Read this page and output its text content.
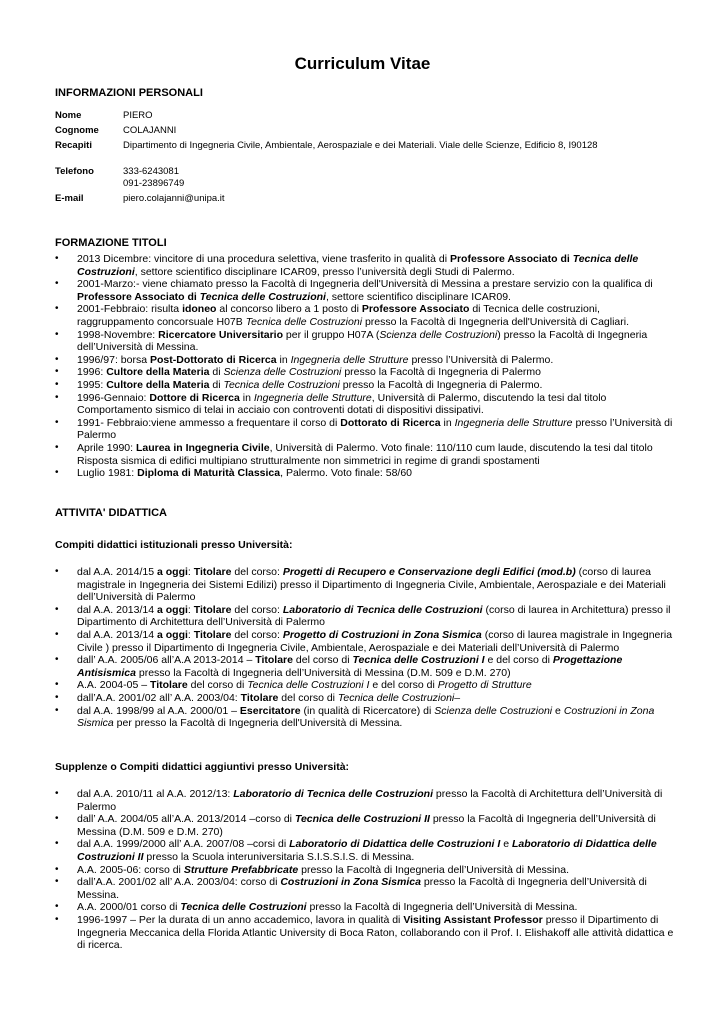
Curriculum Vitae
INFORMAZIONI PERSONALI
Nome	PIERO
Cognome	COLAJANNI
Recapiti	Dipartimento di Ingegneria Civile, Ambientale, Aerospaziale e dei Materiali. Viale delle Scienze, Edificio 8, I90128
Telefono	333-6243081
091-23896749
E-mail	piero.colajanni@unipa.it
FORMAZIONE TITOLI
• 2013 Dicembre: vincitore di una procedura selettiva, viene trasferito in qualità di Professore Associato di Tecnica delle Costruzioni, settore scientifico disciplinare ICAR09, presso l’università degli Studi di Palermo.
• 2001-Marzo:- viene chiamato presso la Facoltà di Ingegneria dell'Università di Messina a prestare servizio con la qualifica di Professore Associato di Tecnica delle Costruzioni, settore scientifico disciplinare ICAR09.
• 2001-Febbraio: risulta idoneo al concorso libero a 1 posto di Professore Associato di Tecnica delle costruzioni, raggruppamento concorsuale H07B Tecnica delle Costruzioni presso la Facoltà di Ingegneria dell'Università di Cagliari.
• 1998-Novembre: Ricercatore Universitario per il gruppo H07A (Scienza delle Costruzioni) presso la Facoltà di Ingegneria dell’Università di Messina.
• 1996/97: borsa Post-Dottorato di Ricerca in Ingegneria delle Strutture presso l’Università di Palermo.
• 1996: Cultore della Materia di Scienza delle Costruzioni presso la Facoltà di Ingegneria di Palermo
• 1995: Cultore della Materia di Tecnica delle Costruzioni presso la Facoltà di Ingegneria di Palermo.
• 1996-Gennaio: Dottore di Ricerca in Ingegneria delle Strutture, Università di Palermo, discutendo la tesi dal titolo Comportamento sismico di telai in acciaio con controventi dotati di dispositivi dissipativi.
• 1991- Febbraio:viene ammesso a frequentare il corso di Dottorato di Ricerca in Ingegneria delle Strutture presso l’Università di Palermo
• Aprile 1990: Laurea in Ingegneria Civile, Università di Palermo. Voto finale: 110/110 cum laude, discutendo la tesi dal titolo Risposta sismica di edifici multipiano strutturalmente non simmetrici in regime di grandi spostamenti
• Luglio 1981: Diploma di Maturità Classica, Palermo. Voto finale: 58/60
ATTIVITA' DIDATTICA
Compiti didattici istituzionali presso Università:
• dal A.A. 2014/15 a oggi: Titolare del corso: Progetti di Recupero e Conservazione degli Edifici (mod.b) (corso di laurea magistrale in Ingegneria dei Sistemi Edilizi) presso il Dipartimento di Ingegneria Civile, Ambientale, Aerospaziale e dei Materiali dell’Università di Palermo
• dal A.A. 2013/14 a oggi: Titolare del corso: Laboratorio di Tecnica delle Costruzioni (corso di laurea in Architettura) presso il Dipartimento di Architettura dell’Università di Palermo
• dal A.A. 2013/14 a oggi: Titolare del corso: Progetto di Costruzioni in Zona Sismica (corso di laurea magistrale in Ingegneria Civile ) presso il Dipartimento di Ingegneria Civile, Ambientale, Aerospaziale e dei Materiali dell’Università di Palermo
• dall’ A.A. 2005/06 all’A.A 2013-2014 – Titolare del corso di Tecnica delle Costruzioni I e del corso di Progettazione Antisismica presso la Facoltà di Ingegneria dell’Università di Messina (D.M. 509 e D.M. 270)
• A.A. 2004-05 – Titolare del corso di Tecnica delle Costruzioni I e del corso di Progetto di Strutture
• dall’A.A. 2001/02 all’ A.A. 2003/04: Titolare del corso di Tecnica delle Costruzioni–
• dal A.A. 1998/99 al A.A. 2000/01 – Esercitatore (in qualità di Ricercatore) di Scienza delle Costruzioni e Costruzioni in Zona Sismica per presso la Facoltà di Ingegneria dell'Università di Messina.
Supplenze o Compiti didattici aggiuntivi presso Università:
• dal A.A. 2010/11 al A.A. 2012/13: Laboratorio di Tecnica delle Costruzioni presso la Facoltà di Architettura dell’Università di Palermo
• dall’ A.A. 2004/05 all’A.A. 2013/2014 –corso di Tecnica delle Costruzioni II presso la Facoltà di Ingegneria dell’Università di Messina (D.M. 509 e D.M. 270)
• dal A.A. 1999/2000 all’ A.A. 2007/08 –corsi di Laboratorio di Didattica delle Costruzioni I e Laboratorio di Didattica delle Costruzioni II presso la Scuola interuniversitaria S.I.S.S.I.S. di Messina.
• A.A. 2005-06: corso di Strutture Prefabbricate presso la Facoltà di Ingegneria dell’Università di Messina.
• dall’A.A. 2001/02 all’ A.A. 2003/04: corso di Costruzioni in Zona Sismica presso la Facoltà di Ingegneria dell’Università di Messina.
• A.A. 2000/01 corso di Tecnica delle Costruzioni presso la Facoltà di Ingegneria dell’Università di Messina.
• 1996-1997 – Per la durata di un anno accademico, lavora in qualità di Visiting Assistant Professor presso il Dipartimento di Ingegneria Meccanica della Florida Atlantic University di Boca Raton, collaborando con il Prof. I. Elishakoff alle attività didattica e di ricerca.
